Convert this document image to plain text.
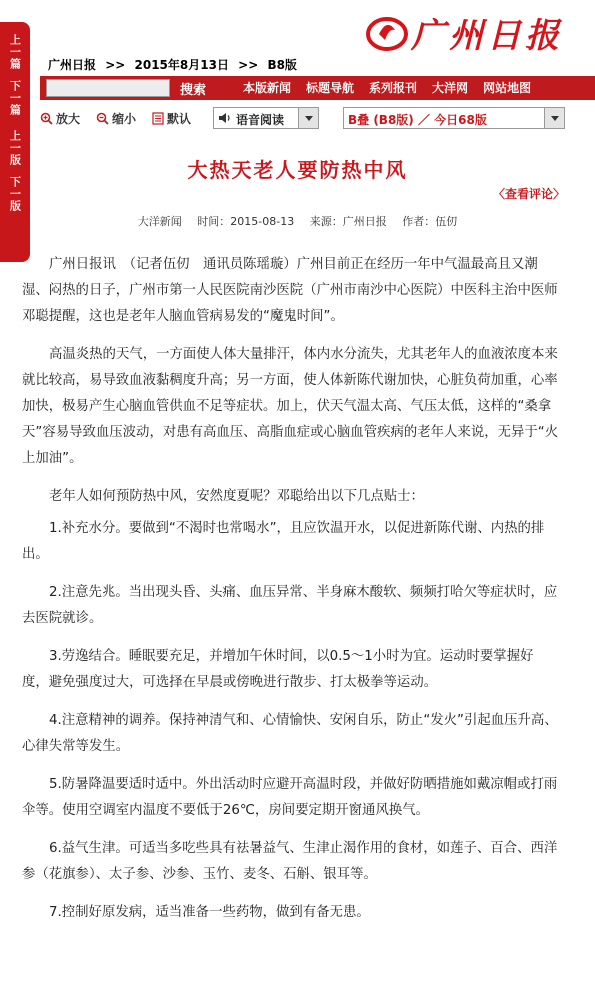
上一篇
下一篇
上一版
下一版
广州日报
广州日报 >> 2015年8月13日 >> B8版
搜索	本版新闻 标题导航 系列报刊 大洋网 网站地图
放大	缩小	默认	语音阅读	B叠 (B8版) ／ 今日68版
大热天老人要防热中风
〈查看评论〉
大洋新闻 时间：2015-08-13 来源：广州日报 作者：伍仞

广州日报讯　（记者伍仞　通讯员陈瑶璇）广州目前正在经历一年中气温最高且又潮湿、闷热的日子，广州市第一人民医院南沙医院（广州市南沙中心医院）中医科主治中医师邓聪提醒，这也是老年人脑血管病易发的“魔鬼时间”。

高温炎热的天气，一方面使人体大量排汗，体内水分流失，尤其老年人的血液浓度本来就比较高，易导致血液黏稠度升高；另一方面，使人体新陈代谢加快，心脏负荷加重，心率加快，极易产生心脑血管供血不足等症状。加上，伏天气温太高、气压太低，这样的“桑拿天”容易导致血压波动，对患有高血压、高脂血症或心脑血管疾病的老年人来说，无异于“火上加油”。

老年人如何预防热中风，安然度夏呢？邓聪给出以下几点贴士：

1.补充水分。要做到“不渴时也常喝水”，且应饮温开水，以促进新陈代谢、内热的排出。

2.注意先兆。当出现头昏、头痛、血压异常、半身麻木酸软、频频打哈欠等症状时，应去医院就诊。

3.劳逸结合。睡眠要充足，并增加午休时间，以0.5～1小时为宜。运动时要掌握好度，避免强度过大，可选择在早晨或傍晚进行散步、打太极拳等运动。

4.注意精神的调养。保持神清气和、心情愉快、安闲自乐，防止“发火”引起血压升高、心律失常等发生。

5.防暑降温要适时适中。外出活动时应避开高温时段，并做好防晒措施如戴凉帽或打雨伞等。使用空调室内温度不要低于26℃，房间要定期开窗通风换气。

6.益气生津。可适当多吃些具有祛暑益气、生津止渴作用的食材，如莲子、百合、西洋参（花旗参）、太子参、沙参、玉竹、麦冬、石斛、银耳等。

7.控制好原发病，适当准备一些药物，做到有备无患。
